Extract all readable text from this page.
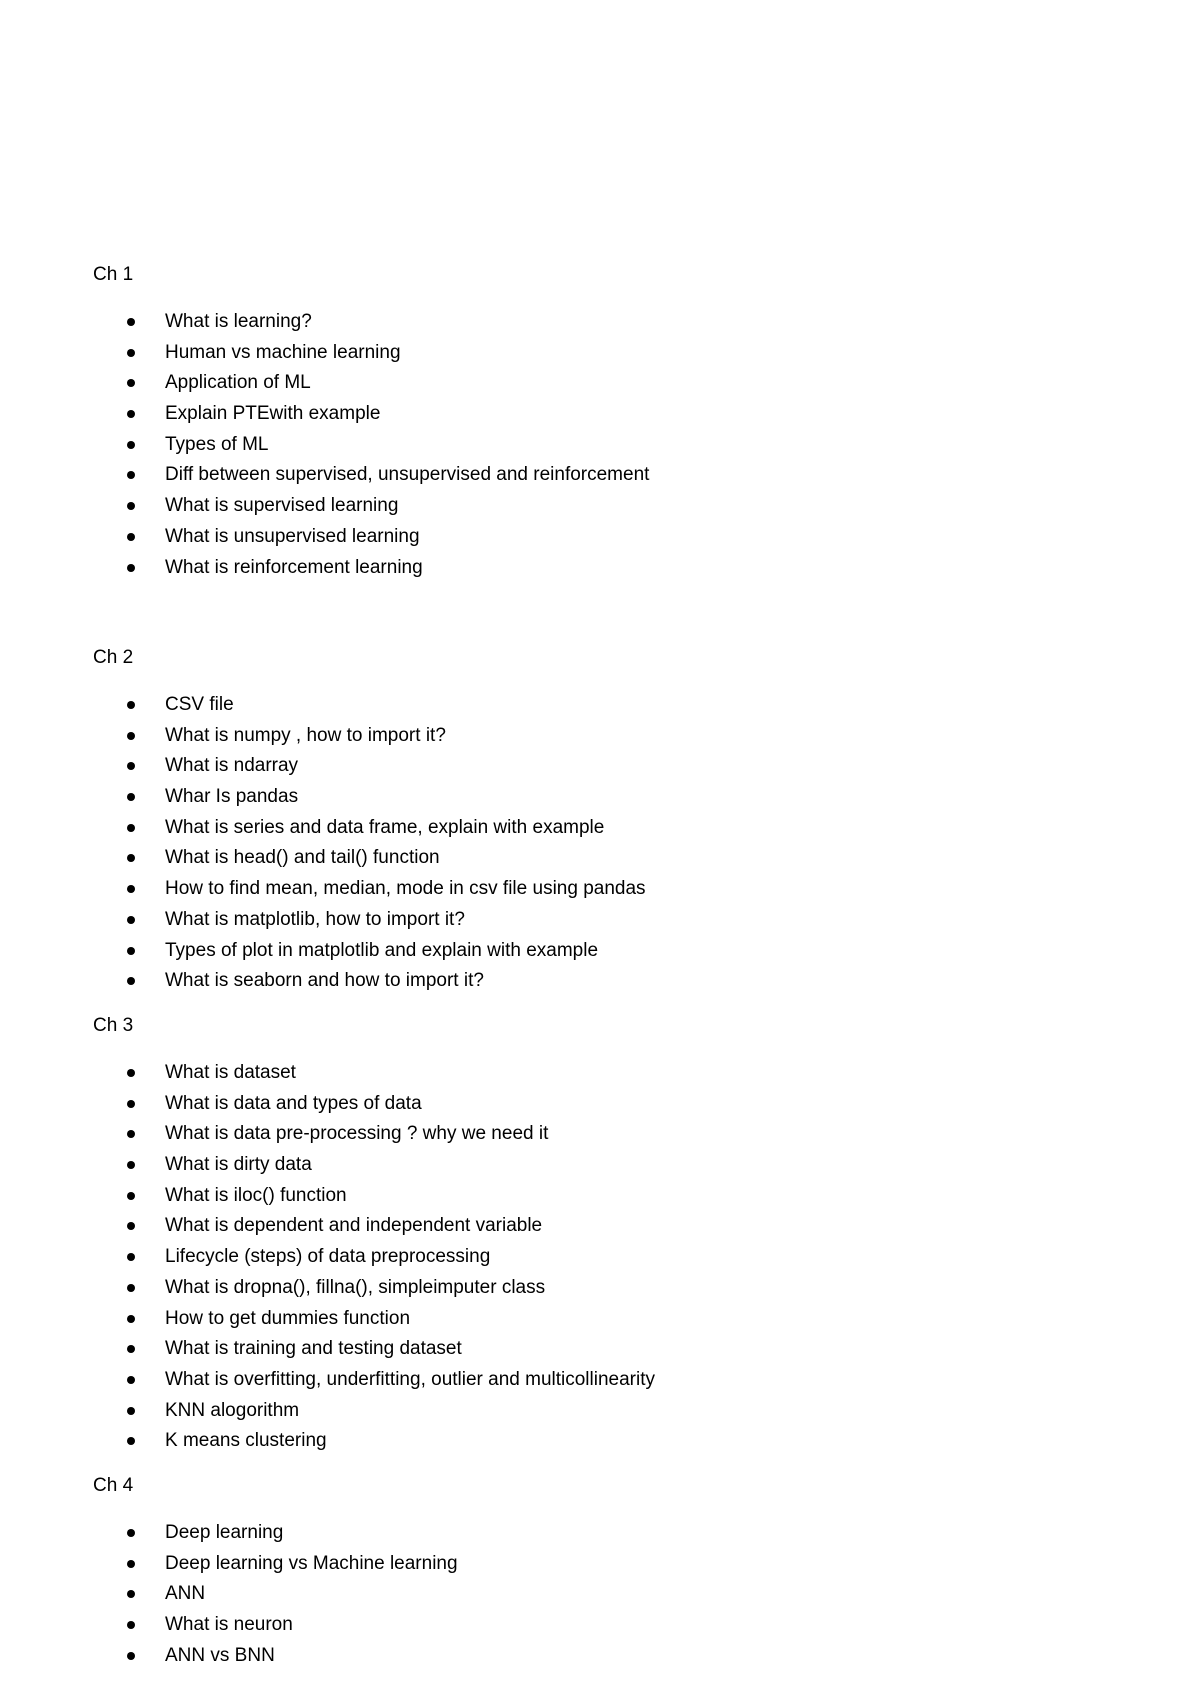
Ch 1
What is learning?
Human vs machine learning
Application of ML
Explain PTEwith example
Types of ML
Diff between supervised, unsupervised and reinforcement
What is supervised learning
What is unsupervised learning
What is reinforcement learning
Ch 2
CSV file
What is numpy , how to import it?
What is ndarray
Whar Is pandas
What is series and data frame, explain with example
What is head() and tail() function
How to find mean, median, mode in csv file using pandas
What is matplotlib, how to import it?
Types of plot in matplotlib and explain with example
What is seaborn and how to import it?
Ch 3
What is dataset
What is data and types of data
What is data pre-processing ? why we need it
What is dirty data
What is iloc() function
What is dependent and independent variable
Lifecycle (steps) of data preprocessing
What is dropna(), fillna(), simpleimputer class
How to get dummies function
What is training and testing dataset
What is overfitting, underfitting, outlier and multicollinearity
KNN alogorithm
K means clustering
Ch 4
Deep learning
Deep learning vs Machine learning
ANN
What is neuron
ANN vs BNN
